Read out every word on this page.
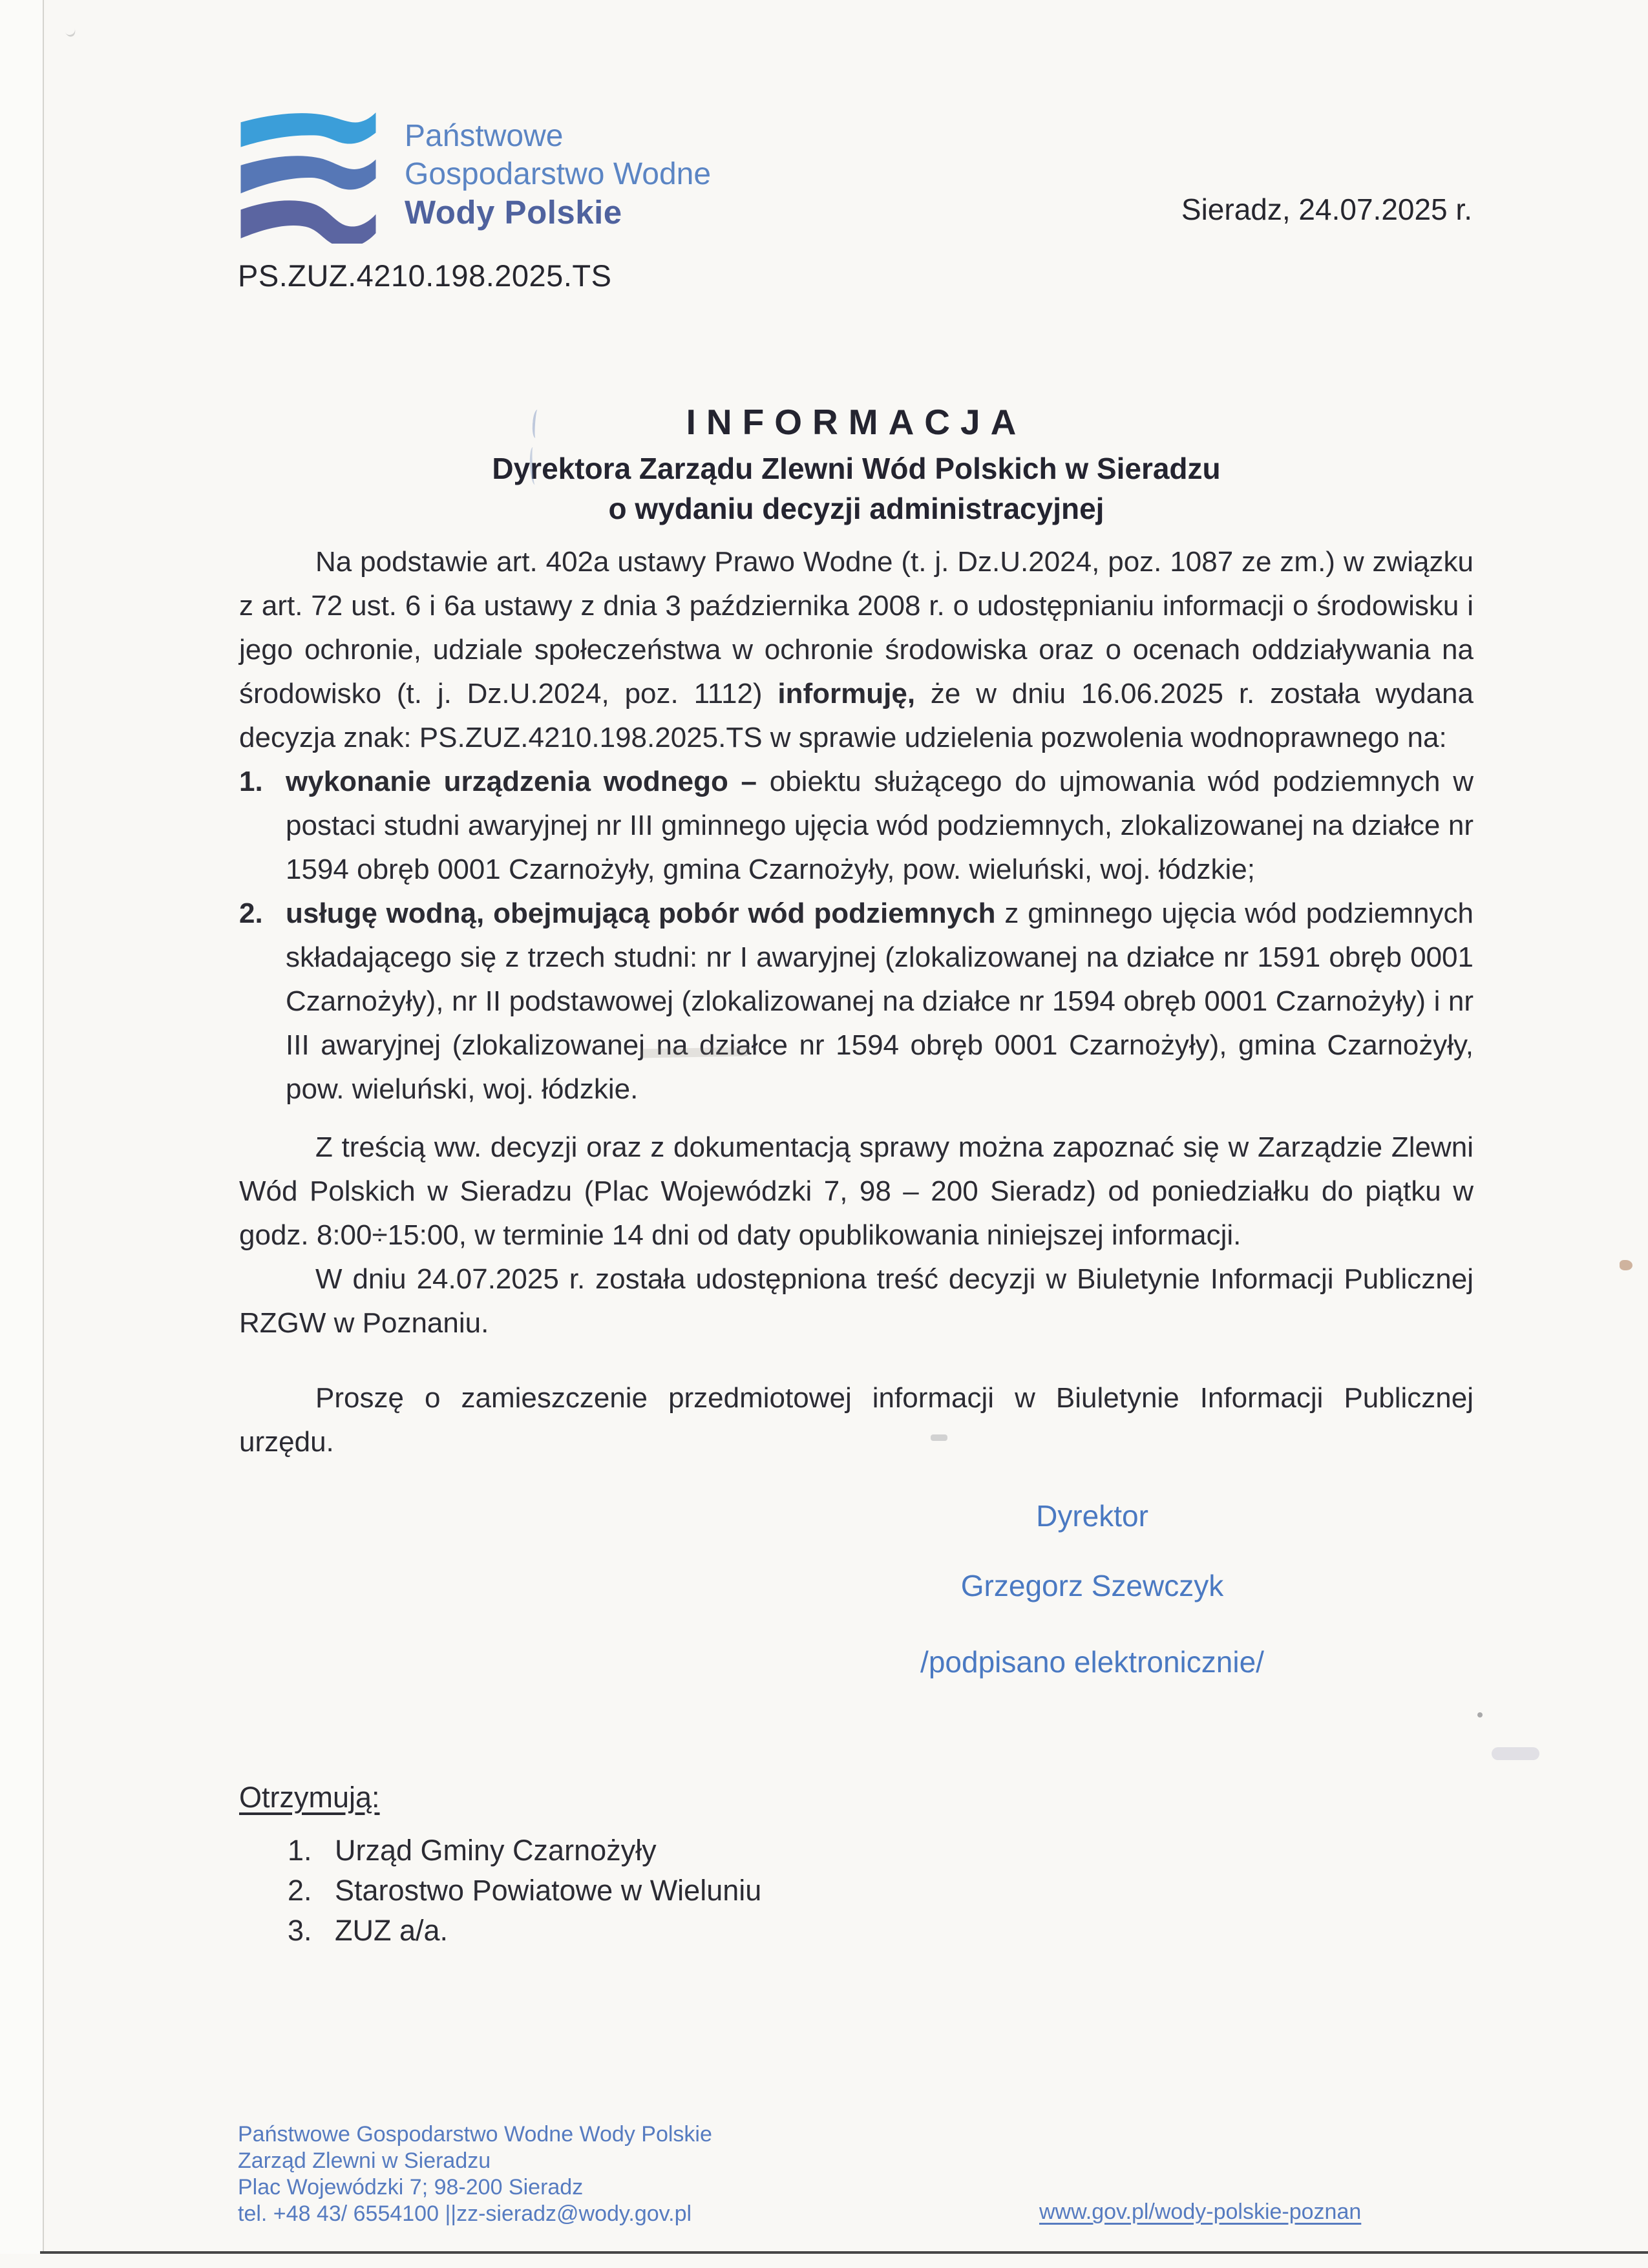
Państwowe
Gospodarstwo Wodne
Wody Polskie	Sieradz, 24.07.2025 r.
PS.ZUZ.4210.198.2025.TS
INFORMACJA
Dyrektora Zarządu Zlewni Wód Polskich w Sieradzu
o wydaniu decyzji administracyjnej

Na podstawie art. 402a ustawy Prawo Wodne (t. j. Dz.U.2024, poz. 1087 ze zm.) w związku z art. 72 ust. 6 i 6a ustawy z dnia 3 października 2008 r. o udostępnianiu informacji o środowisku i jego ochronie, udziale społeczeństwa w ochronie środowiska oraz o ocenach oddziaływania na środowisko (t. j. Dz.U.2024, poz. 1112) informuję, że w dniu 16.06.2025 r. została wydana decyzja znak: PS.ZUZ.4210.198.2025.TS w sprawie udzielenia pozwolenia wodnoprawnego na:

1. wykonanie urządzenia wodnego – obiektu służącego do ujmowania wód podziemnych w postaci studni awaryjnej nr III gminnego ujęcia wód podziemnych, zlokalizowanej na działce nr 1594 obręb 0001 Czarnożyły, gmina Czarnożyły, pow. wieluński, woj. łódzkie;
2. usługę wodną, obejmującą pobór wód podziemnych z gminnego ujęcia wód podziemnych składającego się z trzech studni: nr I awaryjnej (zlokalizowanej na działce nr 1591 obręb 0001 Czarnożyły), nr II podstawowej (zlokalizowanej na działce nr 1594 obręb 0001 Czarnożyły) i nr III awaryjnej (zlokalizowanej na działce nr 1594 obręb 0001 Czarnożyły), gmina Czarnożyły, pow. wieluński, woj. łódzkie.

Z treścią ww. decyzji oraz z dokumentacją sprawy można zapoznać się w Zarządzie Zlewni Wód Polskich w Sieradzu (Plac Wojewódzki 7, 98 – 200 Sieradz) od poniedziałku do piątku w godz. 8:00÷15:00, w terminie 14 dni od daty opublikowania niniejszej informacji.

W dniu 24.07.2025 r. została udostępniona treść decyzji w Biuletynie Informacji Publicznej RZGW w Poznaniu.

Proszę o zamieszczenie przedmiotowej informacji w Biuletynie Informacji Publicznej urzędu.

Dyrektor
Grzegorz Szewczyk
/podpisano elektronicznie/
Otrzymują:
1. Urząd Gminy Czarnożyły
2. Starostwo Powiatowe w Wieluniu
3. ZUZ a/a.
Państwowe Gospodarstwo Wodne Wody Polskie
Zarząd Zlewni w Sieradzu
Plac Wojewódzki 7; 98-200 Sieradz
tel. +48 43/ 6554100 ||zz-sieradz@wody.gov.pl	www.gov.pl/wody-polskie-poznan
